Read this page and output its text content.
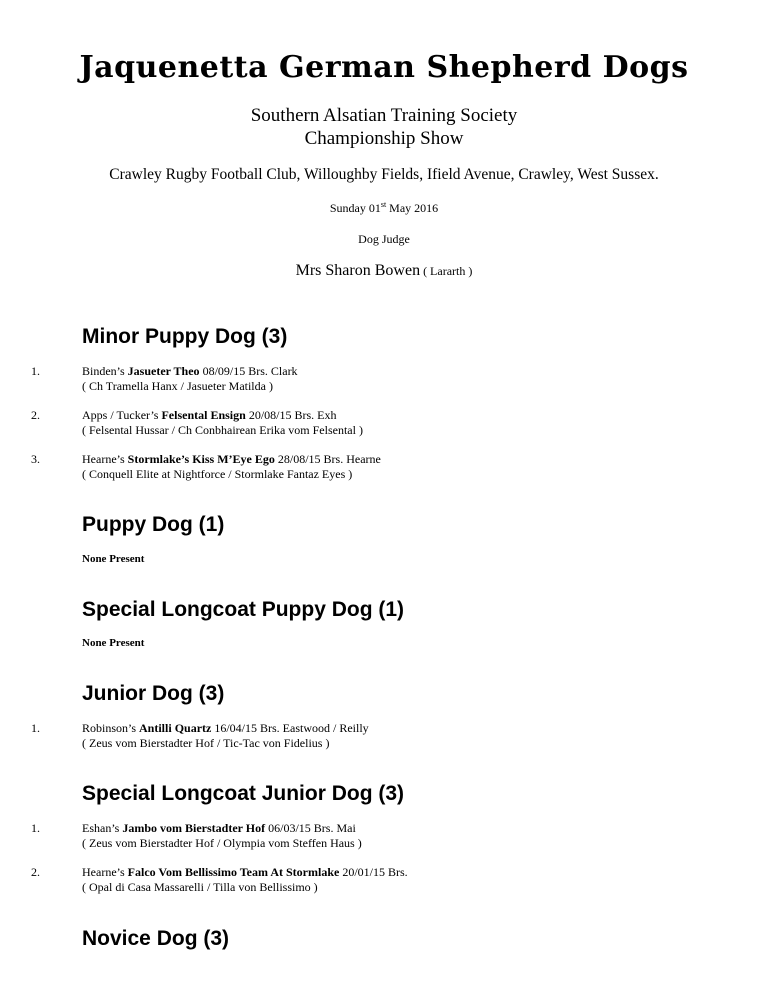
Jaquenetta German Shepherd Dogs
Southern Alsatian Training Society
Championship Show
Crawley Rugby Football Club, Willoughby Fields, Ifield Avenue, Crawley, West Sussex.
Sunday 01st May 2016
Dog Judge
Mrs Sharon Bowen ( Lararth )
Minor Puppy Dog (3)
1.	Binden’s Jasueter Theo 08/09/15 Brs. Clark
( Ch Tramella Hanx / Jasueter Matilda )
2.	Apps / Tucker’s Felsental Ensign 20/08/15 Brs. Exh
( Felsental Hussar / Ch Conbhairean Erika vom Felsental )
3.	Hearne’s Stormlake’s Kiss M’Eye Ego 28/08/15 Brs. Hearne
( Conquell Elite at Nightforce / Stormlake Fantaz Eyes )
Puppy Dog (1)
None Present
Special Longcoat Puppy Dog (1)
None Present
Junior Dog (3)
1.	Robinson’s Antilli Quartz 16/04/15 Brs. Eastwood / Reilly
( Zeus vom Bierstadter Hof / Tic-Tac von Fidelius )
Special Longcoat Junior Dog (3)
1.	Eshan’s Jambo vom Bierstadter Hof 06/03/15 Brs. Mai
( Zeus vom Bierstadter Hof / Olympia vom Steffen Haus )
2.	Hearne’s Falco Vom Bellissimo Team At Stormlake 20/01/15 Brs.
( Opal di Casa Massarelli / Tilla von Bellissimo )
Novice Dog (3)
